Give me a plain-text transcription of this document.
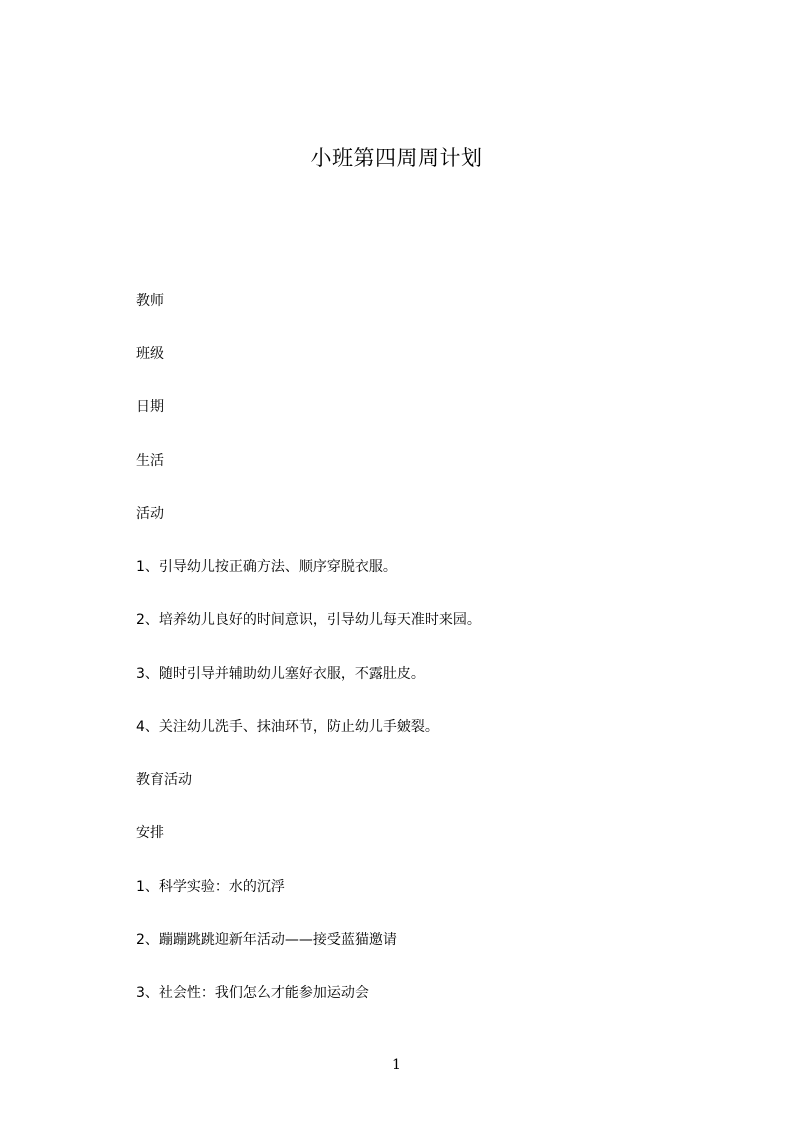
小班第四周周计划
教师
班级
日期
生活
活动
1、引导幼儿按正确方法、顺序穿脱衣服。
2、培养幼儿良好的时间意识，引导幼儿每天准时来园。
3、随时引导并辅助幼儿塞好衣服，不露肚皮。
4、关注幼儿洗手、抹油环节，防止幼儿手皴裂。
教育活动
安排
1、科学实验：水的沉浮
2、蹦蹦跳跳迎新年活动——接受蓝猫邀请
3、社会性：我们怎么才能参加运动会
1
